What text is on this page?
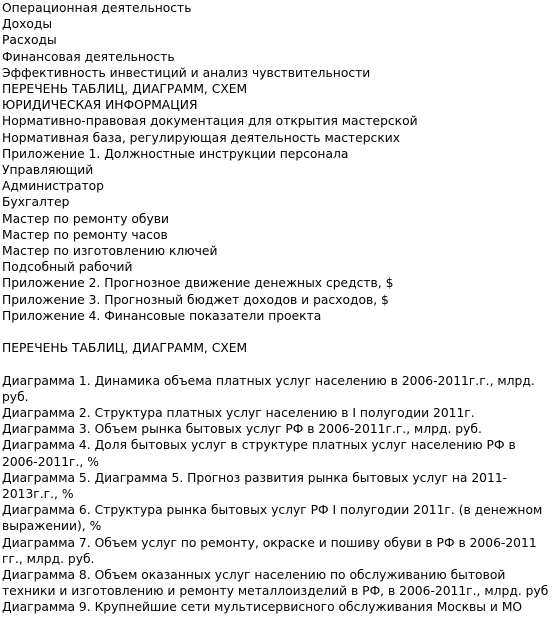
Операционная деятельность
Доходы
Расходы
Финансовая деятельность
Эффективность инвестиций и анализ чувствительности
ПЕРЕЧЕНЬ ТАБЛИЦ, ДИАГРАММ, СХЕМ
ЮРИДИЧЕСКАЯ ИНФОРМАЦИЯ
Нормативно-правовая документация для открытия мастерской
Нормативная база, регулирующая деятельность мастерских
Приложение 1. Должностные инструкции персонала
Управляющий
Администратор
Бухгалтер
Мастер по ремонту обуви
Мастер по ремонту часов
Мастер по изготовлению ключей
Подсобный рабочий
Приложение 2. Прогнозное движение денежных средств, $
Приложение 3. Прогнозный бюджет доходов и расходов, $
Приложение 4. Финансовые показатели проекта
ПЕРЕЧЕНЬ ТАБЛИЦ, ДИАГРАММ, СХЕМ
Диаграмма 1. Динамика объема платных услуг населению в 2006-2011г.г., млрд. руб.
Диаграмма 2. Структура платных услуг населению в I полугодии 2011г.
Диаграмма 3. Объем рынка бытовых услуг РФ в 2006-2011г.г., млрд. руб.
Диаграмма 4. Доля бытовых услуг в структуре платных услуг населению РФ в 2006-2011г., %
Диаграмма 5. Диаграмма 5. Прогноз развития рынка бытовых услуг на 2011-2013г.г., %
Диаграмма 6. Структура рынка бытовых услуг РФ I полугодии 2011г. (в денежном выражении), %
Диаграмма 7. Объем услуг по ремонту, окраске и пошиву обуви в РФ в 2006-2011 гг., млрд. руб.
Диаграмма 8. Объем оказанных услуг населению по обслуживанию бытовой техники и изготовлению и ремонту металлоизделий в РФ, в 2006-2011г., млрд. руб
Диаграмма 9. Крупнейшие сети мультисервисного обслуживания Москвы и МО
